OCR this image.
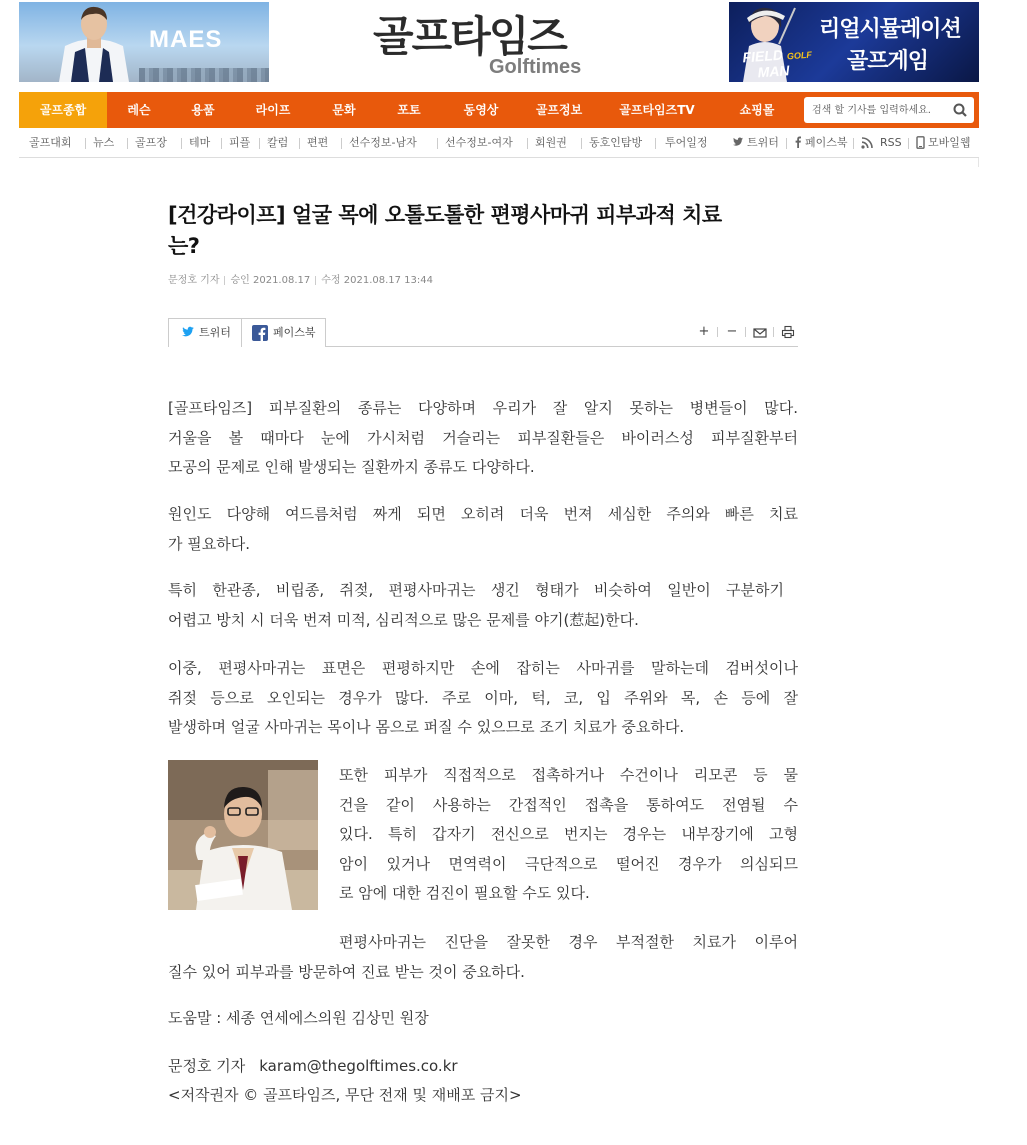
MAES	골프타임즈
Golftimes	FIELD GOLF
MAN
리얼시뮬레이션
골프게임
골프종합	레슨	용품	라이프	문화	포토	동영상	골프정보	골프타임즈TV	쇼핑몰
검색 할 기사를 입력하세요.
골프대회 뉴스 골프장 테마 피플 칼럼 편편 선수정보-남자	선수정보-여자 회원권 동호인탐방 투어일정	트위터 페이스북	RSS 모바일웹
[건강라이프] 얼굴 목에 오톨도톨한 편평사마귀 피부과적 치료
는?
문정호 기자 승인 2021.08.17 수정 2021.08.17 13:44
트위터	페이스북	+ −
[골프타임즈] 피부질환의 종류는 다양하며 우리가 잘 알지 못하는 병변들이 많다.
거울을 볼 때마다 눈에 가시처럼 거슬리는 피부질환들은 바이러스성 피부질환부터
모공의 문제로 인해 발생되는 질환까지 종류도 다양하다.
원인도 다양해 여드름처럼 짜게 되면 오히려 더욱 번져 세심한 주의와 빠른 치료
가 필요하다.
특히 한관종, 비립종, 쥐젖, 편평사마귀는 생긴 형태가 비슷하여 일반이 구분하기
어렵고 방치 시 더욱 번져 미적, 심리적으로 많은 문제를 야기(惹起)한다.
이중, 편평사마귀는 표면은 편평하지만 손에 잡히는 사마귀를 말하는데 검버섯이나
쥐젖 등으로 오인되는 경우가 많다. 주로 이마, 턱, 코, 입 주위와 목, 손 등에 잘
발생하며 얼굴 사마귀는 목이나 몸으로 퍼질 수 있으므로 조기 치료가 중요하다.
또한 피부가 직접적으로 접촉하거나 수건이나 리모콘 등 물
건을 같이 사용하는 간접적인 접촉을 통하여도 전염될 수
있다. 특히 갑자기 전신으로 번지는 경우는 내부장기에 고형
암이 있거나 면역력이 극단적으로 떨어진 경우가 의심되므
로 암에 대한 검진이 필요할 수도 있다.
편평사마귀는 진단을 잘못한 경우 부적절한 치료가 이루어
질수 있어 피부과를 방문하여 진료 받는 것이 중요하다.
도움말 : 세종 연세에스의원 김상민 원장
문정호 기자 karam@thegolftimes.co.kr
<저작권자 © 골프타임즈, 무단 전재 및 재배포 금지>
